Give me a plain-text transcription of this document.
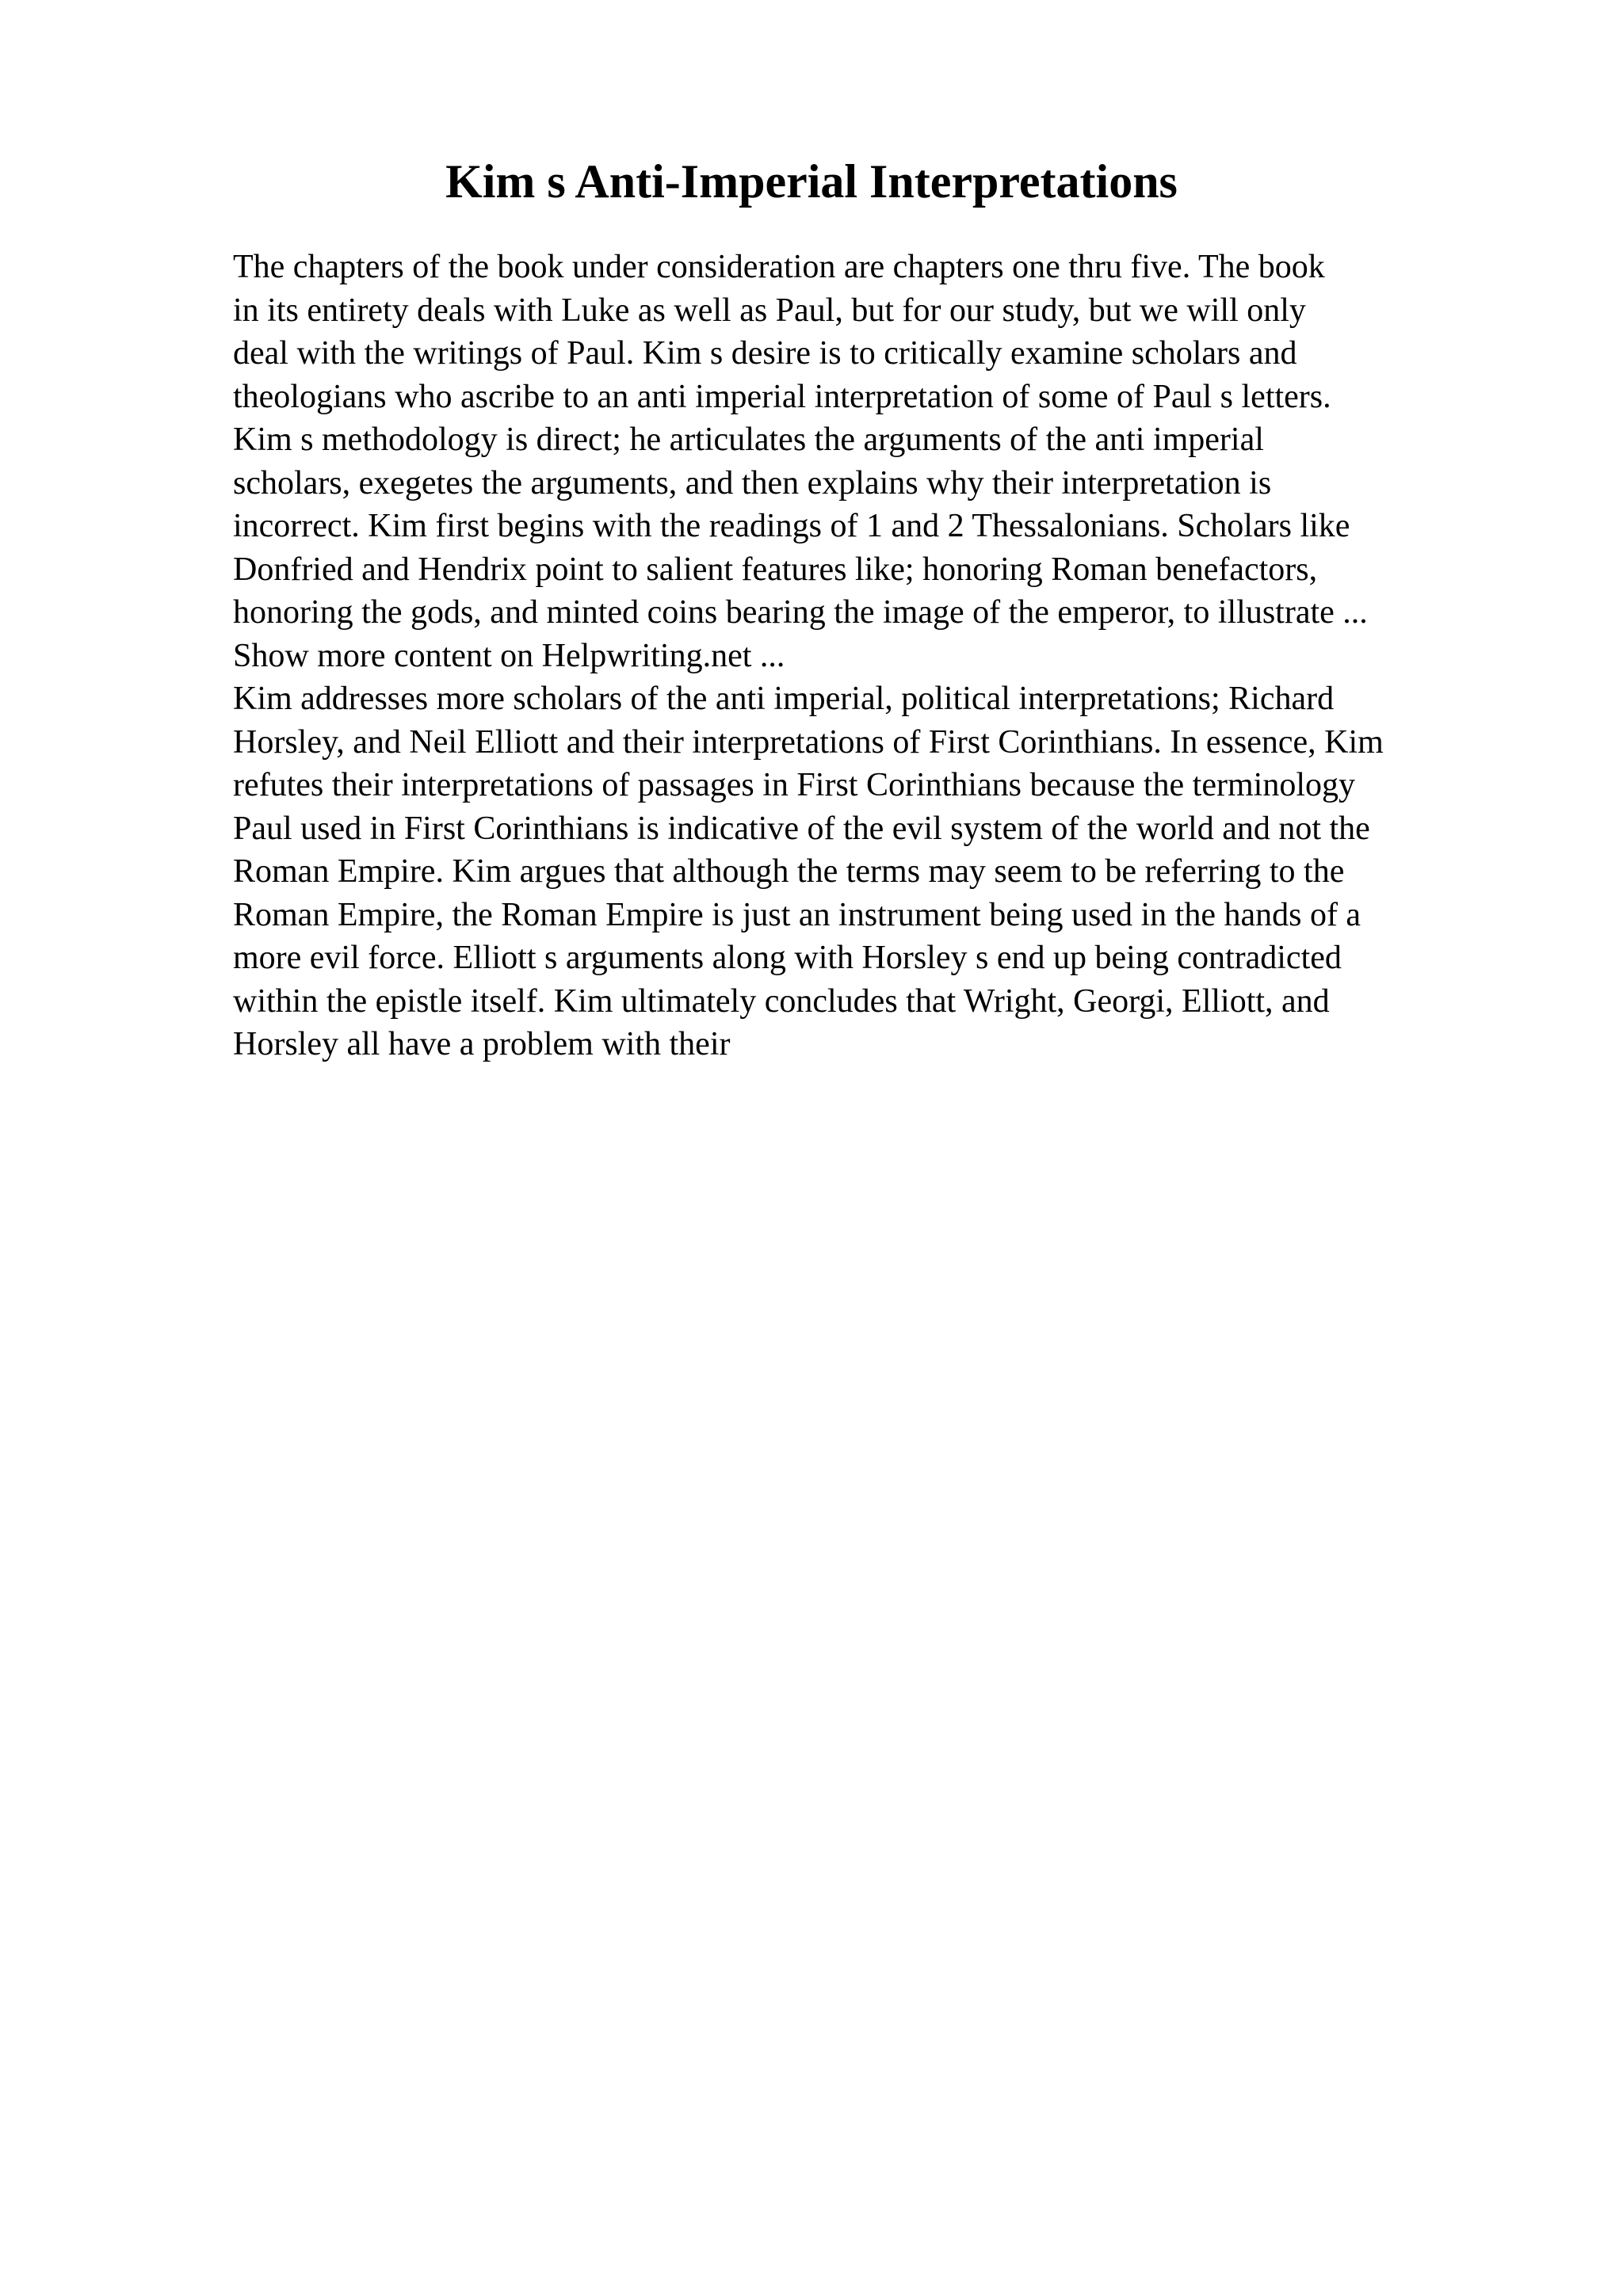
Kim s Anti-Imperial Interpretations
The chapters of the book under consideration are chapters one thru five. The book
in its entirety deals with Luke as well as Paul, but for our study, but we will only
deal with the writings of Paul. Kim s desire is to critically examine scholars and
theologians who ascribe to an anti imperial interpretation of some of Paul s letters.
Kim s methodology is direct; he articulates the arguments of the anti imperial
scholars, exegetes the arguments, and then explains why their interpretation is
incorrect. Kim first begins with the readings of 1 and 2 Thessalonians. Scholars like
Donfried and Hendrix point to salient features like; honoring Roman benefactors,
honoring the gods, and minted coins bearing the image of the emperor, to illustrate ...
Show more content on Helpwriting.net ...
Kim addresses more scholars of the anti imperial, political interpretations; Richard
Horsley, and Neil Elliott and their interpretations of First Corinthians. In essence, Kim
refutes their interpretations of passages in First Corinthians because the terminology
Paul used in First Corinthians is indicative of the evil system of the world and not the
Roman Empire. Kim argues that although the terms may seem to be referring to the
Roman Empire, the Roman Empire is just an instrument being used in the hands of a
more evil force. Elliott s arguments along with Horsley s end up being contradicted
within the epistle itself. Kim ultimately concludes that Wright, Georgi, Elliott, and
Horsley all have a problem with their
